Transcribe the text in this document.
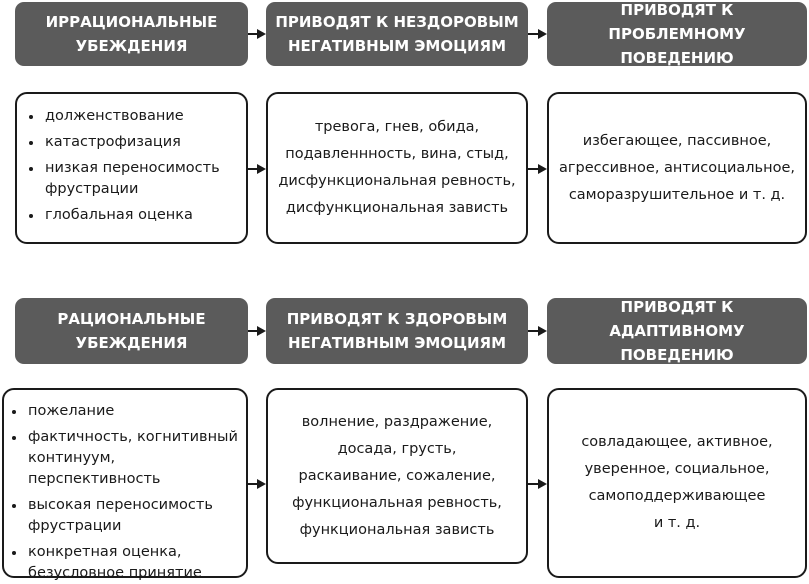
ИРРАЦИОНАЛЬНЫЕ
УБЕЖДЕНИЯ
ПРИВОДЯТ К НЕЗДОРОВЫМ
НЕГАТИВНЫМ ЭМОЦИЯМ
ПРИВОДЯТ К ПРОБЛЕМНОМУ
ПОВЕДЕНИЮ
долженствование
катастрофизация
низкая переносимость фрустрации
глобальная оценка
тревога, гнев, обида,
подавленнность, вина, стыд,
дисфункциональная ревность,
дисфункциональная зависть
избегающее, пассивное,
агрессивное, антисоциальное,
саморазрушительное и т. д.
РАЦИОНАЛЬНЫЕ
УБЕЖДЕНИЯ
ПРИВОДЯТ К ЗДОРОВЫМ
НЕГАТИВНЫМ ЭМОЦИЯМ
ПРИВОДЯТ К АДАПТИВНОМУ
ПОВЕДЕНИЮ
пожелание
фактичность, когнитивный континуум, перспективность
высокая переносимость фрустрации
конкретная оценка, безусловное принятие
волнение, раздражение,
досада, грусть,
раскаивание, сожаление,
функциональная ревность,
функциональная зависть
совладающее, активное,
уверенное, социальное,
самоподдерживающее
и т. д.
